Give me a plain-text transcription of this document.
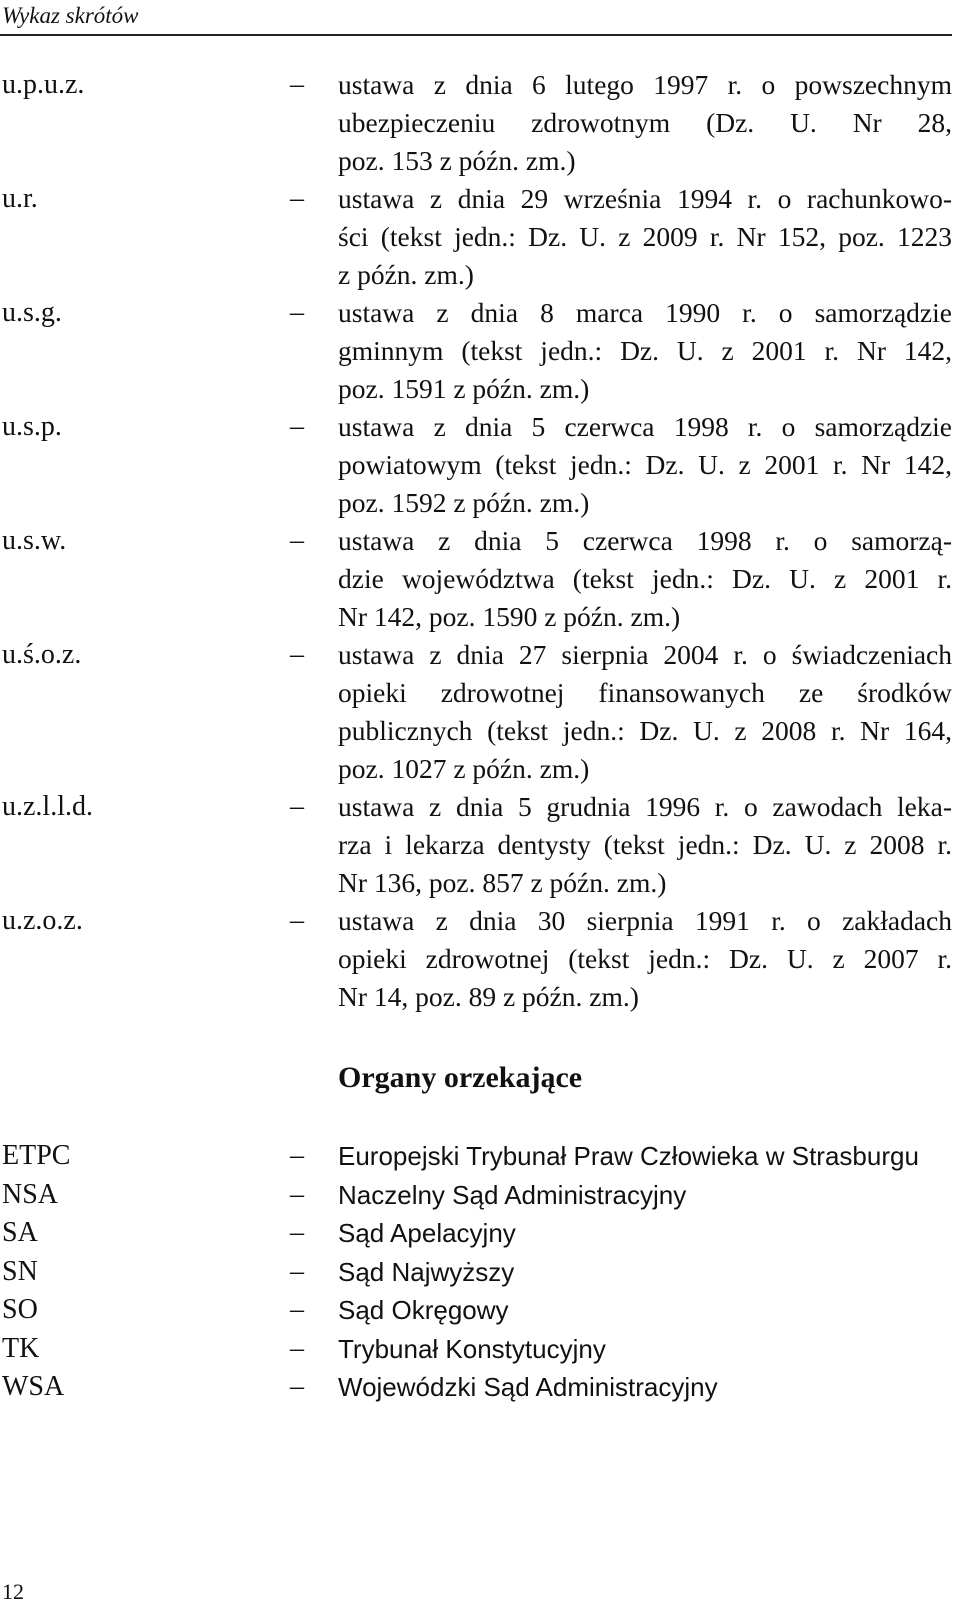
Wykaz skrótów
u.p.u.z.	– ustawa z dnia 6 lutego 1997 r. o powszechnym
ubezpieczeniu zdrowotnym (Dz. U. Nr 28,
poz. 153 z późn. zm.)
u.r.	– ustawa z dnia 29 września 1994 r. o rachunkowo-
ści (tekst jedn.: Dz. U. z 2009 r. Nr 152, poz. 1223
z późn. zm.)
u.s.g.	– ustawa z dnia 8 marca 1990 r. o samorządzie
gminnym (tekst jedn.: Dz. U. z 2001 r. Nr 142,
poz. 1591 z późn. zm.)
u.s.p.	– ustawa z dnia 5 czerwca 1998 r. o samorządzie
powiatowym (tekst jedn.: Dz. U. z 2001 r. Nr 142,
poz. 1592 z późn. zm.)
u.s.w.	– ustawa z dnia 5 czerwca 1998 r. o samorzą-
dzie województwa (tekst jedn.: Dz. U. z 2001 r.
Nr 142, poz. 1590 z późn. zm.)
u.ś.o.z.	– ustawa z dnia 27 sierpnia 2004 r. o świadczeniach
opieki zdrowotnej finansowanych ze środków
publicznych (tekst jedn.: Dz. U. z 2008 r. Nr 164,
poz. 1027 z późn. zm.)
u.z.l.l.d.	– ustawa z dnia 5 grudnia 1996 r. o zawodach leka-
rza i lekarza dentysty (tekst jedn.: Dz. U. z 2008 r.
Nr 136, poz. 857 z późn. zm.)
u.z.o.z.	– ustawa z dnia 30 sierpnia 1991 r. o zakładach
opieki zdrowotnej (tekst jedn.: Dz. U. z 2007 r.
Nr 14, poz. 89 z późn. zm.)
Organy orzekające
ETPC	– Europejski Trybunał Praw Człowieka w Strasburgu
NSA	– Naczelny Sąd Administracyjny
SA	– Sąd Apelacyjny
SN	– Sąd Najwyższy
SO	– Sąd Okręgowy
TK	– Trybunał Konstytucyjny
WSA	– Wojewódzki Sąd Administracyjny
12
